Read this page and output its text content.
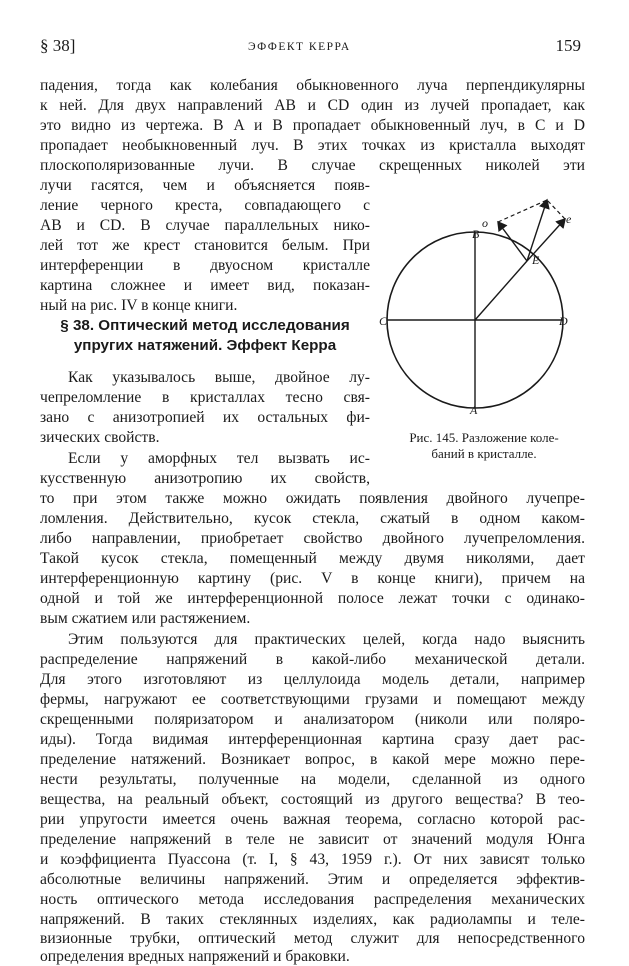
§ 38]	ЭФФЕКТ КЕРРА	159
падения, тогда как колебания обыкновенного луча перпендикулярны
к ней. Для двух направлений AB и CD один из лучей пропадает, как
это видно из чертежа. В A и B пропадает обыкновенный луч, в C и D
пропадает необыкновенный луч. В этих точках из кристалла выходят
плоскополяризованные лучи. В случае скрещенных николей эти
лучи гасятся, чем и объясняется появ-
ление черного креста, совпадающего с
AB и CD. В случае параллельных нико-
лей тот же крест становится белым. При
интерференции в двуосном кристалле
картина сложнее и имеет вид, показан-
ный на рис. IV в конце книги.
§ 38. Оптический метод исследования
упругих натяжений. Эффект Керра
Как указывалось выше, двойное лу-
чепреломление в кристаллах тесно свя-
зано с анизотропией их остальных фи-
зических свойств.
Если у аморфных тел вызвать ис-
кусственную анизотропию их свойств,
то при этом также можно ожидать появления двойного лучепре-
ломления. Действительно, кусок стекла, сжатый в одном каком-
либо направлении, приобретает свойство двойного лучепреломления.
Такой кусок стекла, помещенный между двумя николями, дает
интерференционную картину (рис. V в конце книги), причем на
одной и той же интерференционной полосе лежат точки с одинако-
вым сжатием или растяжением.
Этим пользуются для практических целей, когда надо выяснить
распределение напряжений в какой-либо механической детали.
Для этого изготовляют из целлулоида модель детали, например
фермы, нагружают ее соответствующими грузами и помещают между
скрещенными поляризатором и анализатором (николи или поляро-
иды). Тогда видимая интерференционная картина сразу дает рас-
пределение натяжений. Возникает вопрос, в какой мере можно пере-
нести результаты, полученные на модели, сделанной из одного
вещества, на реальный объект, состоящий из другого вещества? В тео-
рии упругости имеется очень важная теорема, согласно которой рас-
пределение напряжений в теле не зависит от значений модуля Юнга
и коэффициента Пуассона (т. I, § 43, 1959 г.). От них зависят только
абсолютные величины напряжений. Этим и определяется эффектив-
ность оптического метода исследования распределения механических
напряжений. В таких стеклянных изделиях, как радиолампы и теле-
визионные трубки, оптический метод служит для непосредственного
определения вредных напряжений и браковки.
B
A
C	D
E
o	e
Рис. 145. Разложение коле-
баний в кристалле.
